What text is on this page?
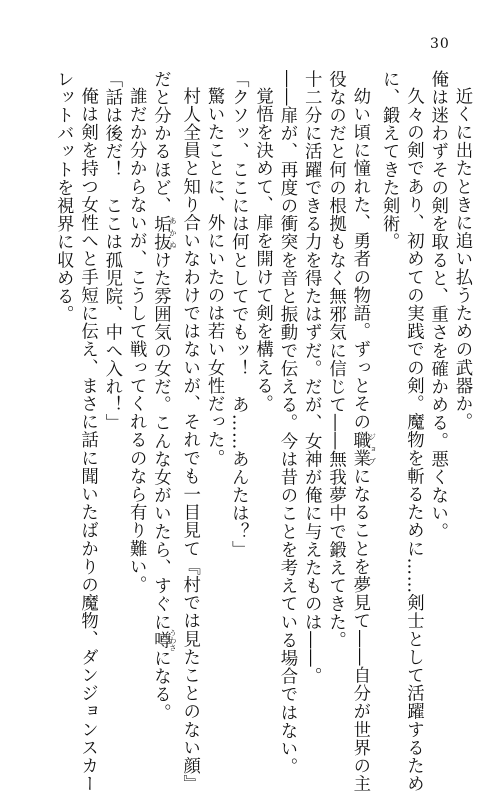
30
近くに出たときに追い払うための武器か。
俺は迷わずその剣を取ると、重さを確かめる。悪くない。
久々の剣であり、初めての実践での剣。魔物を斬るために……剣士として活躍するため
に、鍛えてきた剣術。
幼い頃に憧れた、勇者の物語。ずっとその職業ジョブになることを夢見て――自分が世界の主
役なのだと何の根拠もなく無邪気に信じて――無我夢中で鍛えてきた。
十二分に活躍できる力を得たはずだ。だが、女神が俺に与えたものは――。
――扉が、再度の衝突を音と振動で伝える。今は昔のことを考えている場合ではない。
覚悟を決めて、扉を開けて剣を構える。
「クソッ、ここには何としてでもッ！　あ……あんたは？」
驚いたことに、外にいたのは若い女性だった。
村人全員と知り合いなわけではないが、それでも一目見て『村では見たことのない顔』
だと分かるほど、垢抜あかぬけた雰囲気の女だ。こんな女がいたら、すぐに噂うわさになる。
誰だか分からないが、こうして戦ってくれるのなら有り難い。
「話は後だ！　ここは孤児院、中へ入れ！」
俺は剣を持つ女性へと手短に伝え、まさに話に聞いたばかりの魔物、ダンジョンスカー
レットバットを視界に収める。
